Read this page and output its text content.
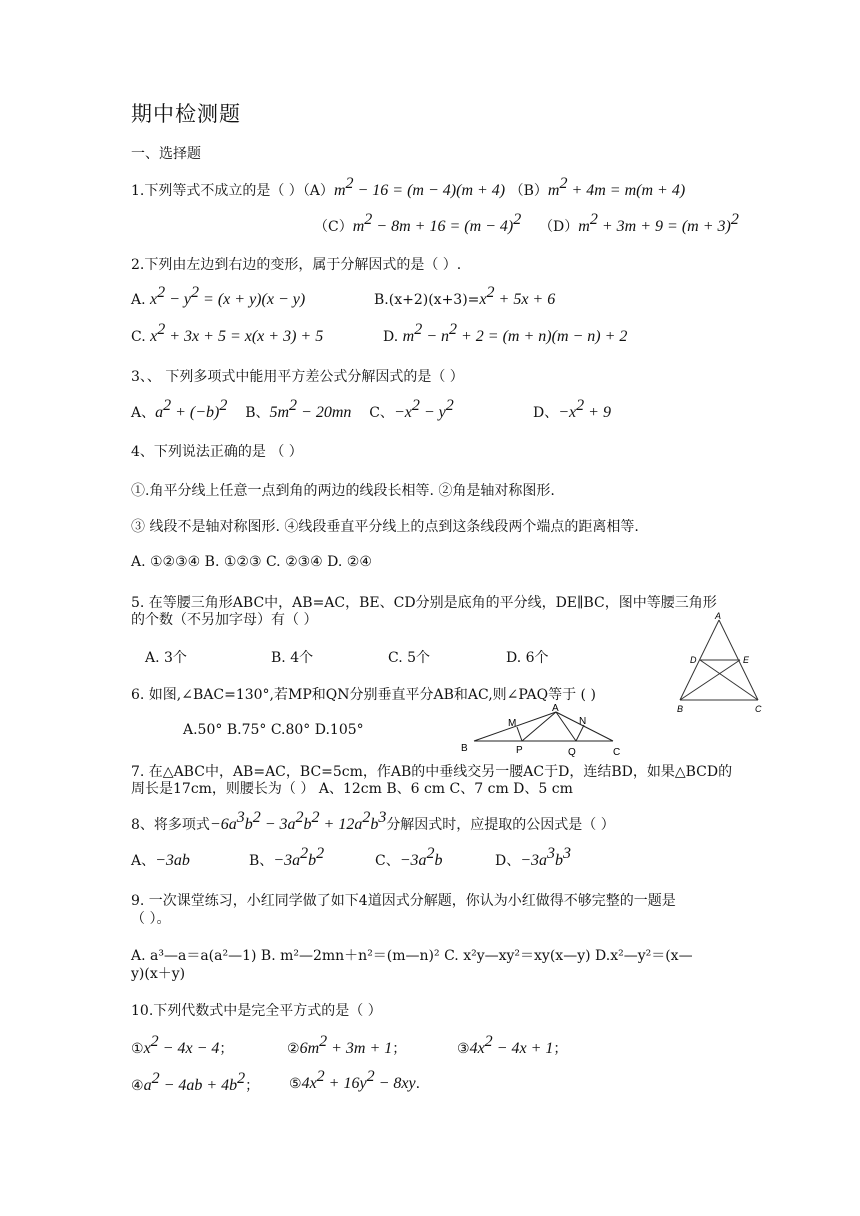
期中检测题
一、选择题
1.下列等式不成立的是（ ）$(A)m^2 - 16 = (m - 4)(m + 4) (B)m^2 + 4m = m(m + 4)$
$(C)m^2 - 8m + 16 = (m - 4)^2$ $(D)m^2 + 3m + 9 = (m + 3)^2$
2.下列由左边到右边的变形，属于分解因式的是（ ）.
A. $x^2 - y^2 = (x + y)(x - y)$	$B.(x+2)(x+3)=x^2 + 5x + 6$
C. $x^2 + 3x + 5 = x(x + 3) + 5$	D. $m^2 - n^2 + 2 = (m + n)(m - n) + 2$
3、、 下列多项式中能用平方差公式分解因式的是（ ）
A、$a^2 + (-b)^2$ B、$5m^2 - 20mn$ C、$-x^2 - y^2$	D、$-x^2 + 9$
4、下列说法正确的是 （ ）
①.角平分线上任意一点到角的两边的线段长相等. ②角是轴对称图形.
③ 线段不是轴对称图形. ④线段垂直平分线上的点到这条线段两个端点的距离相等.
A. ①②③④ B. ①②③ C. ②③④ D. ②④
5. 在等腰三角形ABC中，AB=AC，BE、CD分别是底角的平分线，DE∥BC，图中等腰三角形
的个数（不另加字母）有（ ）
A. 3个	B. 4个	C. 5个	D. 6个
A
D	E
B	C
6. 如图,∠BAC=130°,若MP和QN分别垂直平分AB和AC,则∠PAQ等于 ( )
A.50° B.75° C.80° D.105°
A
M	N
B	P	Q	C
7. 在△ABC中，AB=AC，BC=5cm，作AB的中垂线交另一腰AC于D，连结BD，如果△BCD的
周长是17cm，则腰长为（ ） A、12cm B、6 cm C、7 cm D、5 cm
8、将多项式$-6a^3b^2 - 3a^2b^2 + 12a^2b^3$分解因式时，应提取的公因式是（ ）
A、−3ab	B、$-3a^2b^2$	C、$-3a^2b$	D、$-3a^3b^3$
9. 一次课堂练习，小红同学做了如下4道因式分解题，你认为小红做得不够完整的一题是
（ ）。
A. a³—a＝a(a²—1) B. m²—2mn＋n²＝(m—n)² C. x²y—xy²＝xy(x—y) D.x²—y²＝(x—
y)(x＋y)
10.下列代数式中是完全平方式的是（ ）
$①x^2 - 4x - 4$；	$②6m^2 + 3m + 1$；	$③4x^2 - 4x + 1$；
$④a^2 - 4ab + 4b^2$； $⑤4x^2 + 16y^2 - 8xy$.
